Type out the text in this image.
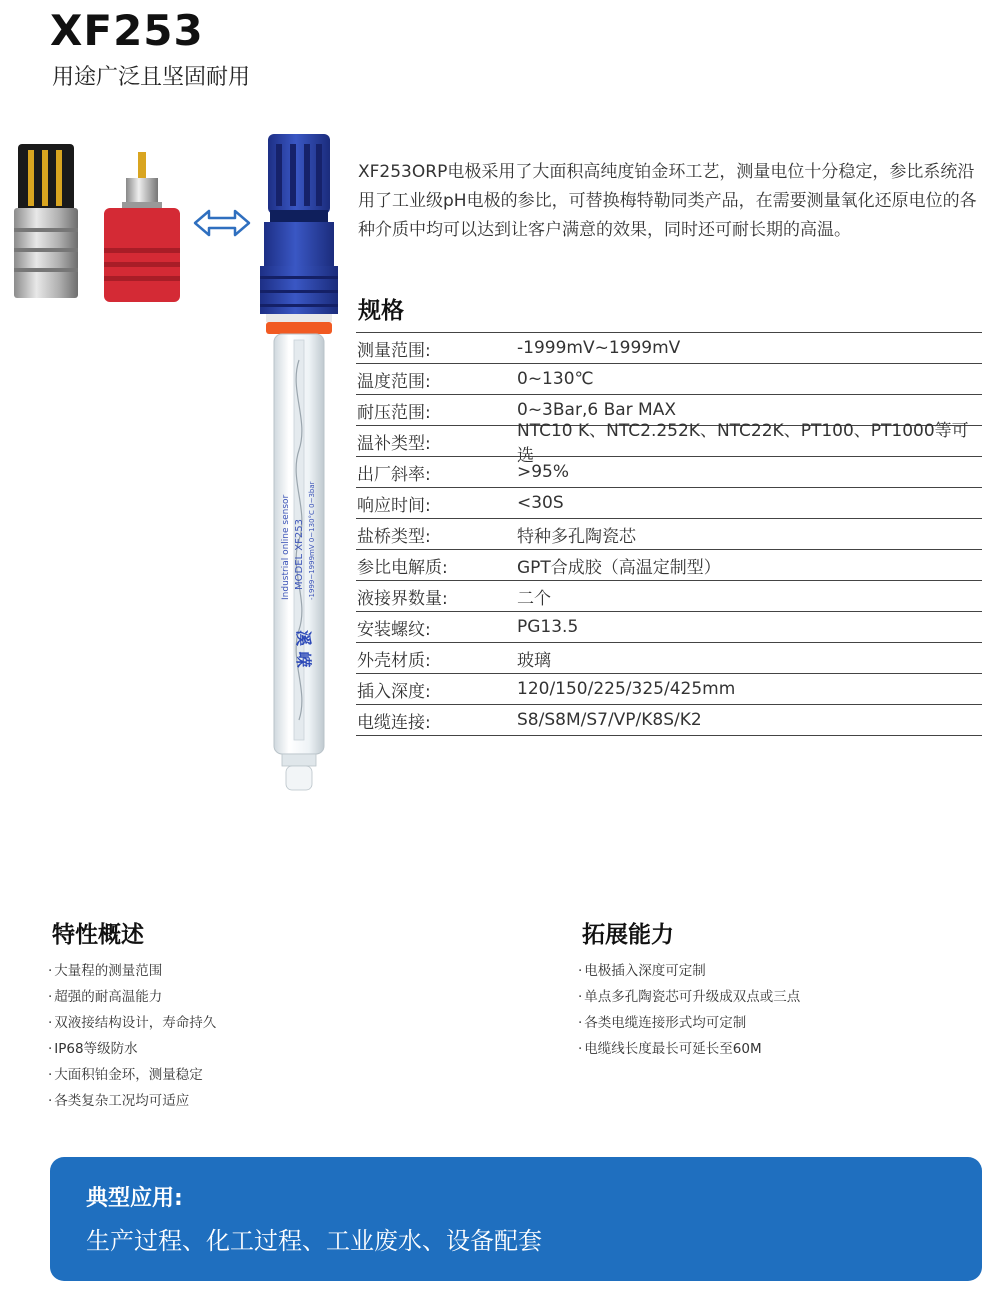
XF253

用途广泛且坚固耐用

Industrial online sensor MODEL XF253 -1999~1999mV 0~130°C 0~3bar
溪 嵘

XF253ORP电极采用了大面积高纯度铂金环工艺，测量电位十分稳定，参比系统沿用了工业级pH电极的参比，可替换梅特勒同类产品，在需要测量氧化还原电位的各种介质中均可以达到让客户满意的效果，同时还可耐长期的高温。

规格
测量范围:	-1999mV~1999mV
温度范围:	0~130℃
耐压范围:	0~3Bar,6 Bar MAX
温补类型:
NTC10 K、NTC2.252K、NTC22K、PT100、PT1000等可选
出厂斜率:	>95%
响应时间:	<30S
盐桥类型:	特种多孔陶瓷芯
参比电解质:	GPT合成胶（高温定制型）
液接界数量:	二个
安装螺纹:	PG13.5
外壳材质:	玻璃
插入深度:	120/150/225/325/425mm
电缆连接:	S8/S8M/S7/VP/K8S/K2
特性概述
· 大量程的测量范围
· 超强的耐高温能力
· 双液接结构设计，寿命持久
· IP68等级防水
· 大面积铂金环，测量稳定
· 各类复杂工况均可适应
拓展能力
· 电极插入深度可定制
· 单点多孔陶瓷芯可升级成双点或三点
· 各类电缆连接形式均可定制
· 电缆线长度最长可延长至60M
典型应用:

生产过程、化工过程、工业废水、设备配套
